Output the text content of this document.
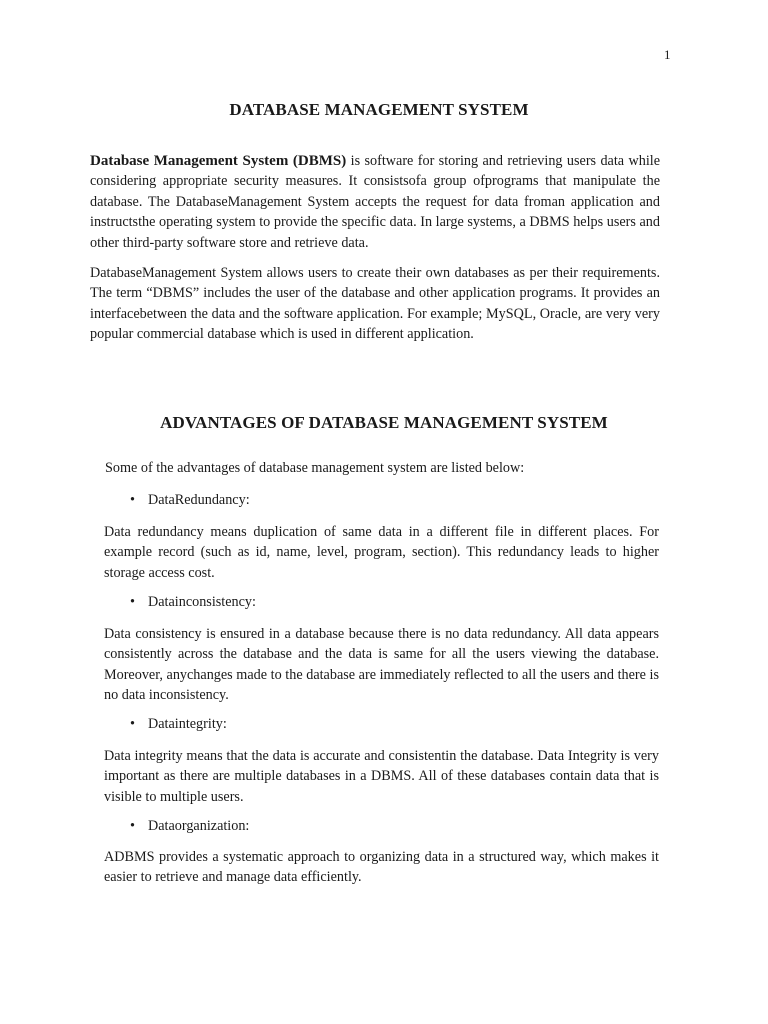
1
DATABASE MANAGEMENT SYSTEM

Database Management System (DBMS) is software for storing and retrieving users data while considering appropriate security measures. It consistsofa group ofprograms that manipulate the database. The DatabaseManagement System accepts the request for data froman application and instructsthe operating system to provide the specific data. In large systems, a DBMS helps users and other third-party software store and retrieve data.

DatabaseManagement System allows users to create their own databases as per their requirements. The term “DBMS” includes the user of the database and other application programs. It provides an interfacebetween the data and the software application. For example; MySQL, Oracle, are very very popular commercial database which is used in different application.

ADVANTAGES OF DATABASE MANAGEMENT SYSTEM

Some of the advantages of database management system are listed below:

• DataRedundancy:

Data redundancy means duplication of same data in a different file in different places. For example record (such as id, name, level, program, section). This redundancy leads to higher storage access cost.

• Datainconsistency:

Data consistency is ensured in a database because there is no data redundancy. All data appears consistently across the database and the data is same for all the users viewing the database. Moreover, anychanges made to the database are immediately reflected to all the users and there is no data inconsistency.

• Dataintegrity:

Data integrity means that the data is accurate and consistentin the database. Data Integrity is very important as there are multiple databases in a DBMS. All of these databases contain data that is visible to multiple users.

• Dataorganization:

ADBMS provides a systematic approach to organizing data in a structured way, which makes it easier to retrieve and manage data efficiently.
